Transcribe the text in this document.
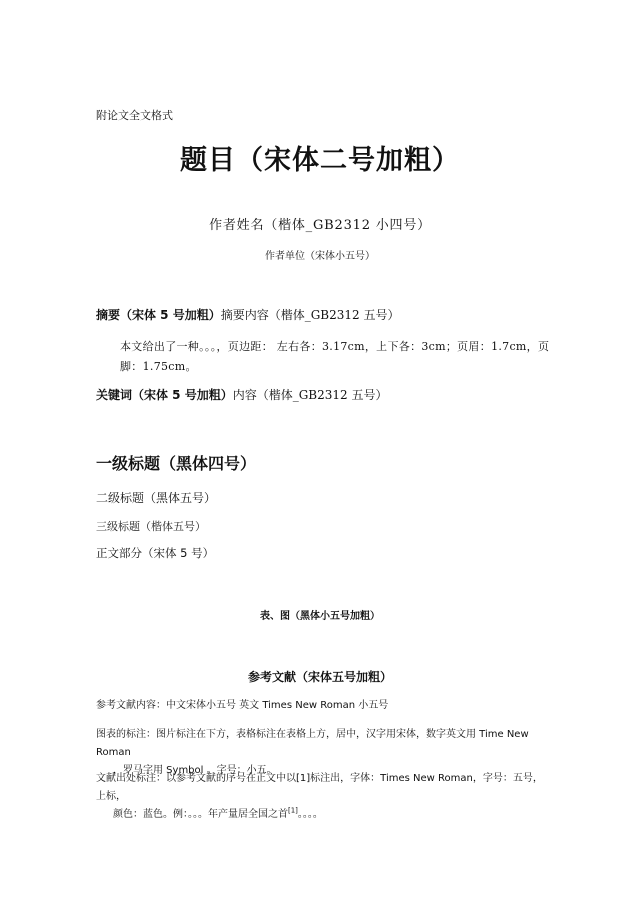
附论文全文格式
题目（宋体二号加粗）
作者姓名（楷体_GB2312 小四号）
作者单位（宋体小五号）
摘要（宋体 5 号加粗）摘要内容（楷体_GB2312 五号）
本文给出了一种。。。，页边距： 左右各：3.17cm，上下各：3cm；页眉：1.7cm，页
脚：1.75cm。
关键词（宋体 5 号加粗）内容（楷体_GB2312 五号）
一级标题（黑体四号）
二级标题（黑体五号）
三级标题（楷体五号）
正文部分（宋体 5 号）
表、图（黑体小五号加粗）
参考文献（宋体五号加粗）
参考文献内容：中文宋体小五号 英文 Times New Roman 小五号
图表的标注：图片标注在下方，表格标注在表格上方，居中，汉字用宋体，数字英文用 Time New Roman
，罗马字用 Symbol 。字号：小五。
文献出处标注：以参考文献的序号在正文中以[1]标注出，字体：Times New Roman，字号：五号，上标，
颜色：蓝色。例：。。。年产量居全国之首[1]。。。。
